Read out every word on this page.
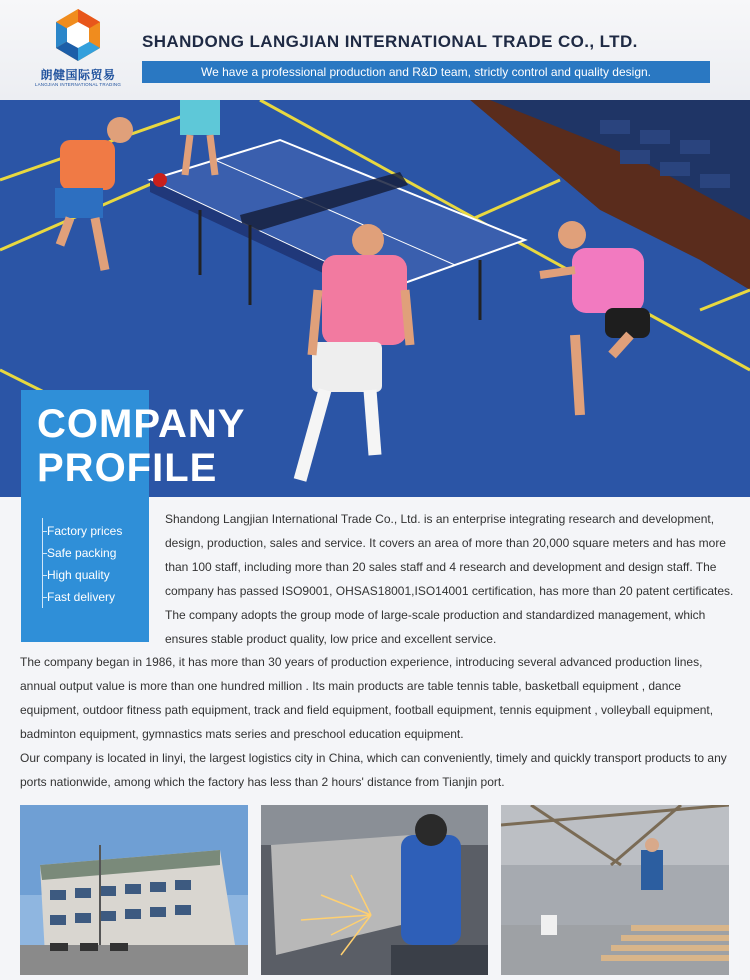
朗健国际贸易
LANGJIAN INTERNATIONAL TRADING
SHANDONG LANGJIAN INTERNATIONAL TRADE CO., LTD.
We have a professional production and R&D team, strictly control and quality design.
COMPANY
PROFILE
Factory prices
Safe packing
High quality
Fast delivery
Shandong Langjian International Trade Co., Ltd. is an enterprise integrating research and development, design, production, sales and service. It covers an area of more than 20,000 square meters and has more than 100 staff, including more than 20 sales staff and 4 research and development and design staff. The company has passed ISO9001, OHSAS18001,ISO14001 certification, has more than 20 patent certificates. The company adopts the group mode of large-scale production and standardized management, which ensures stable product quality, low price and excellent service.
The company began in 1986, it has more than 30 years of production experience, introducing several advanced production lines, annual output value is more than one hundred million . Its main products are table tennis table, basketball equipment , dance equipment, outdoor fitness path equipment, track and field equipment, football equipment, tennis equipment , volleyball equipment, badminton equipment, gymnastics mats series and preschool education equipment.
Our company is located in linyi, the largest logistics city in China, which can conveniently, timely and quickly transport products to any ports nationwide, among which the factory has less than 2 hours' distance from Tianjin port.
